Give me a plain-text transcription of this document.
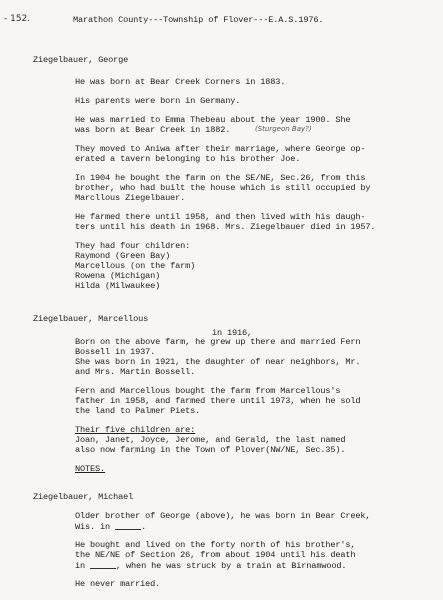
- 152.	Marathon County---Township of Flover---E.A.S.1976.
Ziegelbauer, George
He was born at Bear Creek Corners in 1883.
His parents were born in Germany.
He was married to Emma Thebeau about the year 1900. She
was born at Bear Creek in 1882.	(Sturgeon Bay?)
They moved to Aniwa after their marriage, where George op-
erated a tavern belonging to his brother Joe.
In 1904 he bought the farm on the SE/NE, Sec.26, from this
brother, who had built the house which is still occupied by
Marcllous Ziegelbauer.
He farmed there until 1958, and then lived with his daugh-
ters until his death in 1968. Mrs. Ziegelbauer died in 1957.
They had four children:
Raymond (Green Bay)
Marcellous (on the farm)
Rowena (Michigan)
Hilda (Milwaukee)
Ziegelbauer, Marcellous
in 1916,
Born on the above farm, he grew up there and married Fern
Bossell in 1937.
She was born in 1921, the daughter of near neighbors, Mr.
and Mrs. Martin Bossell.
Fern and Marcellous bought the farm from Marcellous's
father in 1958, and farmed there until 1973, when he sold
the land to Palmer Piets.
Their five children are:
Joan, Janet, Joyce, Jerome, and Gerald, the last named
also now farming in the Town of Plover(NW/NE, Sec.35).
NOTES.
Ziegelbauer, Michael
Older brother of George (above), he was born in Bear Creek,
Wis. in	.
He bought and lived on the forty north of his brother's,
the NE/NE of Section 26, from about 1904 until his death
in	, when he was struck by a train at Birnamwood.
He never married.
